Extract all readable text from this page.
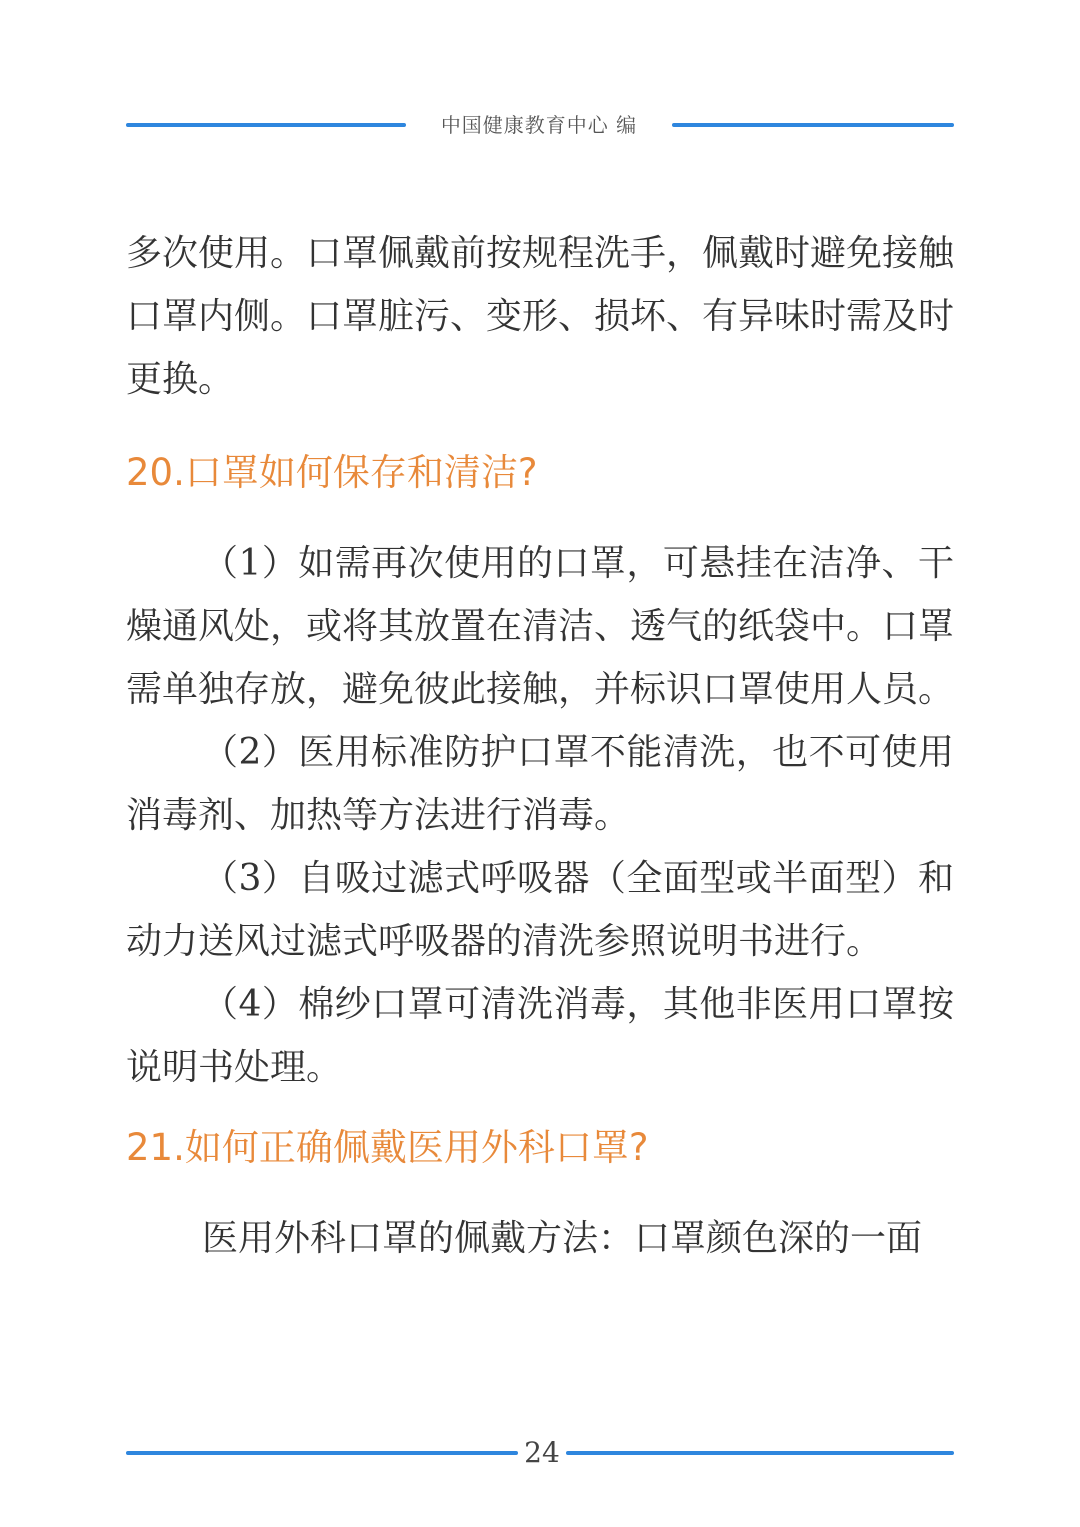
中国健康教育中心 编

多次使用。口罩佩戴前按规程洗手，佩戴时避免接触口罩内侧。口罩脏污、变形、损坏、有异味时需及时更换。

20.口罩如何保存和清洁?

（1）如需再次使用的口罩，可悬挂在洁净、干燥通风处，或将其放置在清洁、透气的纸袋中。口罩需单独存放，避免彼此接触，并标识口罩使用人员。

（2）医用标准防护口罩不能清洗，也不可使用消毒剂、加热等方法进行消毒。

（3）自吸过滤式呼吸器（全面型或半面型）和动力送风过滤式呼吸器的清洗参照说明书进行。

（4）棉纱口罩可清洗消毒，其他非医用口罩按说明书处理。

21.如何正确佩戴医用外科口罩?

医用外科口罩的佩戴方法：口罩颜色深的一面

24
